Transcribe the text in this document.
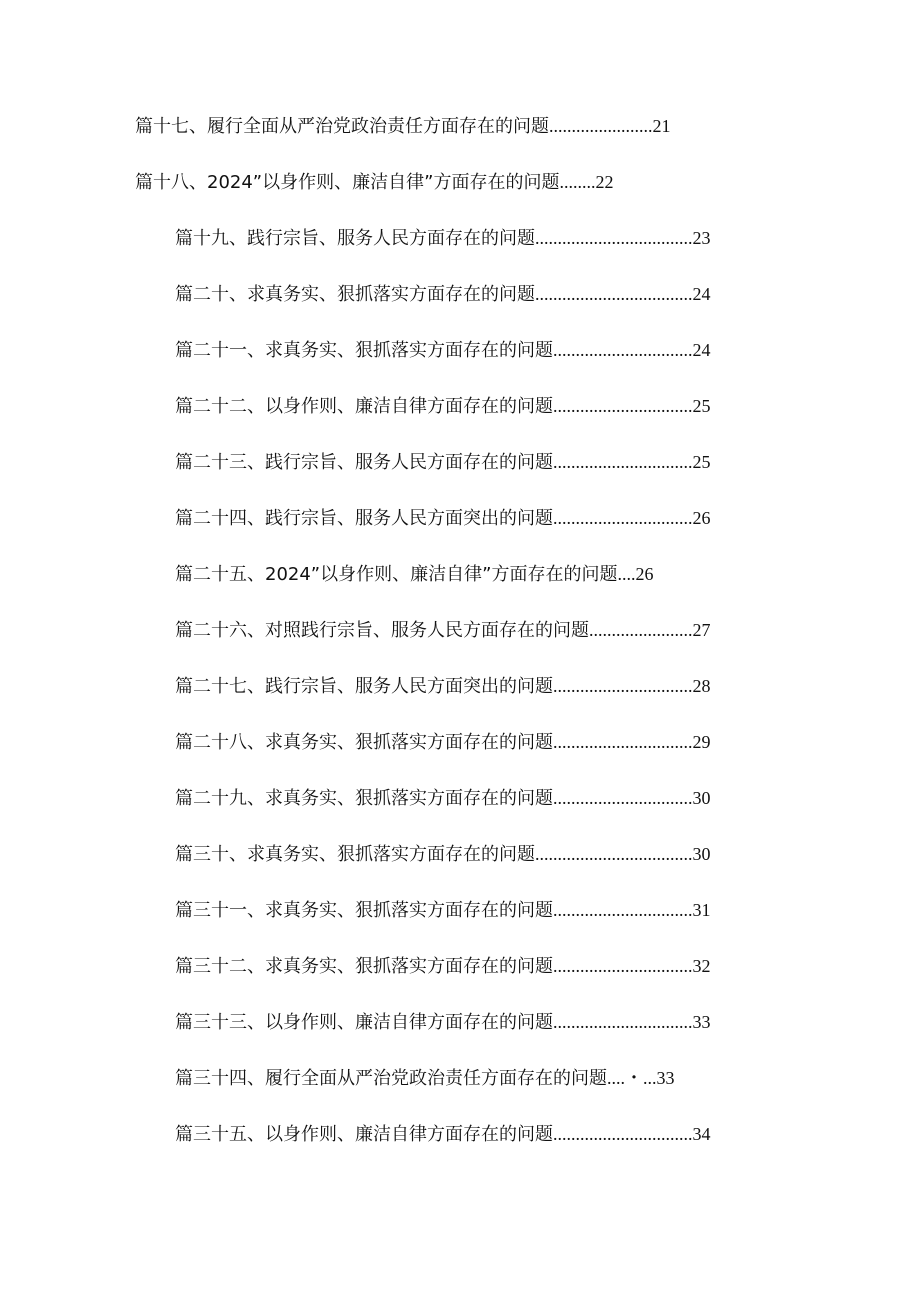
篇十七、履行全面从严治党政治责任方面存在的问题.......................21
篇十八、2024”以身作则、廉洁自律”方面存在的问题........22
篇十九、践行宗旨、服务人民方面存在的问题...................................23
篇二十、求真务实、狠抓落实方面存在的问题...................................24
篇二十一、求真务实、狠抓落实方面存在的问题...............................24
篇二十二、以身作则、廉洁自律方面存在的问题...............................25
篇二十三、践行宗旨、服务人民方面存在的问题...............................25
篇二十四、践行宗旨、服务人民方面突出的问题...............................26
篇二十五、2024”以身作则、廉洁自律”方面存在的问题....26
篇二十六、对照践行宗旨、服务人民方面存在的问题.......................27
篇二十七、践行宗旨、服务人民方面突出的问题...............................28
篇二十八、求真务实、狠抓落实方面存在的问题...............................29
篇二十九、求真务实、狠抓落实方面存在的问题...............................30
篇三十、求真务实、狠抓落实方面存在的问题...................................30
篇三十一、求真务实、狠抓落实方面存在的问题...............................31
篇三十二、求真务实、狠抓落实方面存在的问题...............................32
篇三十三、以身作则、廉洁自律方面存在的问题...............................33
篇三十四、履行全面从严治党政治责任方面存在的问题....・...33
篇三十五、以身作则、廉洁自律方面存在的问题...............................34
